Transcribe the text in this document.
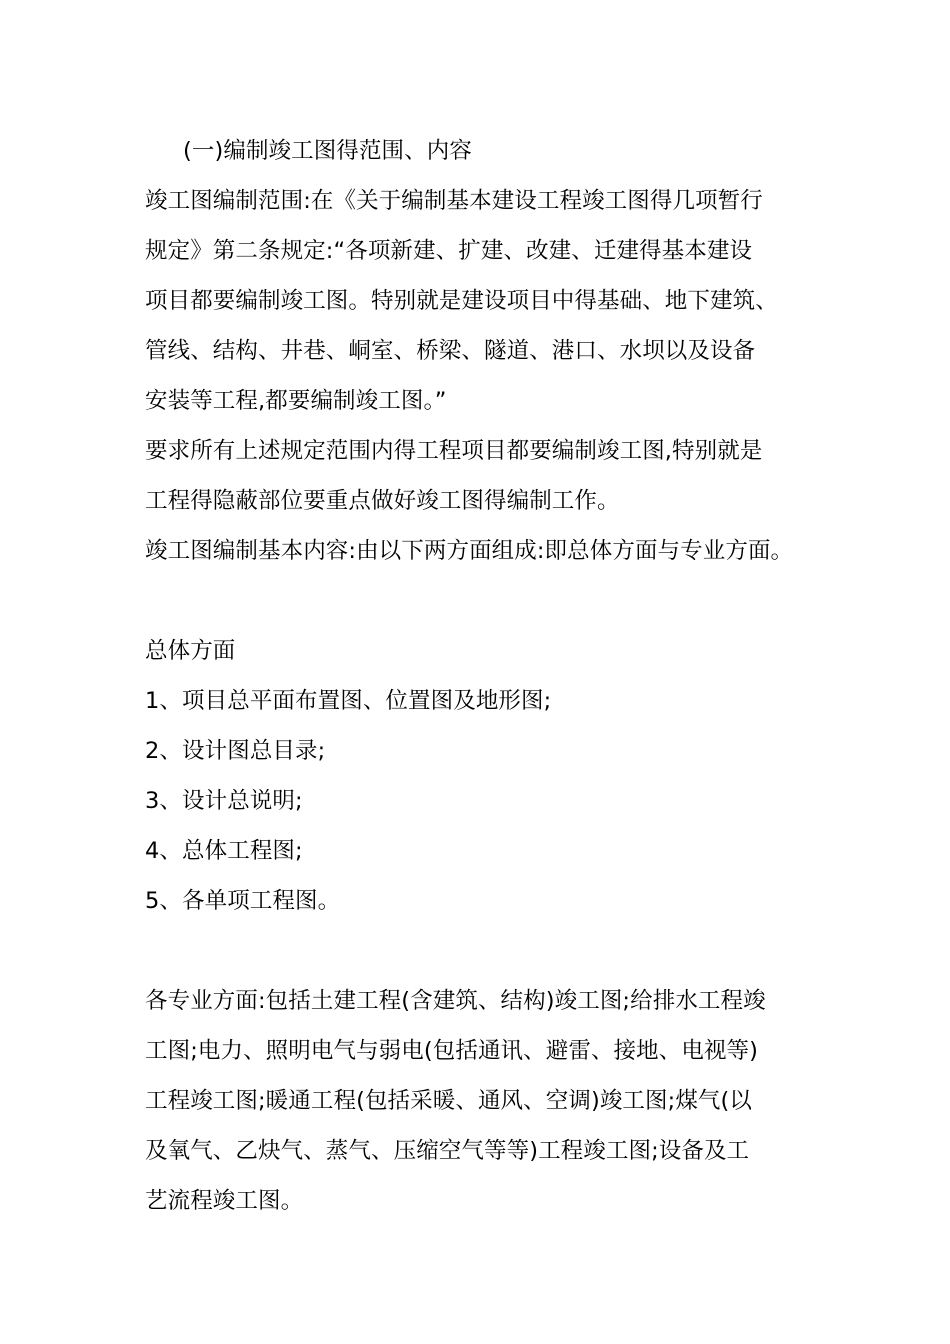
(一)编制竣工图得范围、内容
竣工图编制范围:在《关于编制基本建设工程竣工图得几项暂行
规定》第二条规定:“各项新建、扩建、改建、迁建得基本建设
项目都要编制竣工图。特别就是建设项目中得基础、地下建筑、
管线、结构、井巷、峒室、桥梁、隧道、港口、水坝以及设备
安装等工程,都要编制竣工图。”
要求所有上述规定范围内得工程项目都要编制竣工图,特别就是
工程得隐蔽部位要重点做好竣工图得编制工作。
竣工图编制基本内容:由以下两方面组成:即总体方面与专业方面。
总体方面
1、项目总平面布置图、位置图及地形图;
2、设计图总目录;
3、设计总说明;
4、总体工程图;
5、各单项工程图。
各专业方面:包括土建工程(含建筑、结构)竣工图;给排水工程竣
工图;电力、照明电气与弱电(包括通讯、避雷、接地、电视等)
工程竣工图;暖通工程(包括采暖、通风、空调)竣工图;煤气(以
及氧气、乙炔气、蒸气、压缩空气等等)工程竣工图;设备及工
艺流程竣工图。
